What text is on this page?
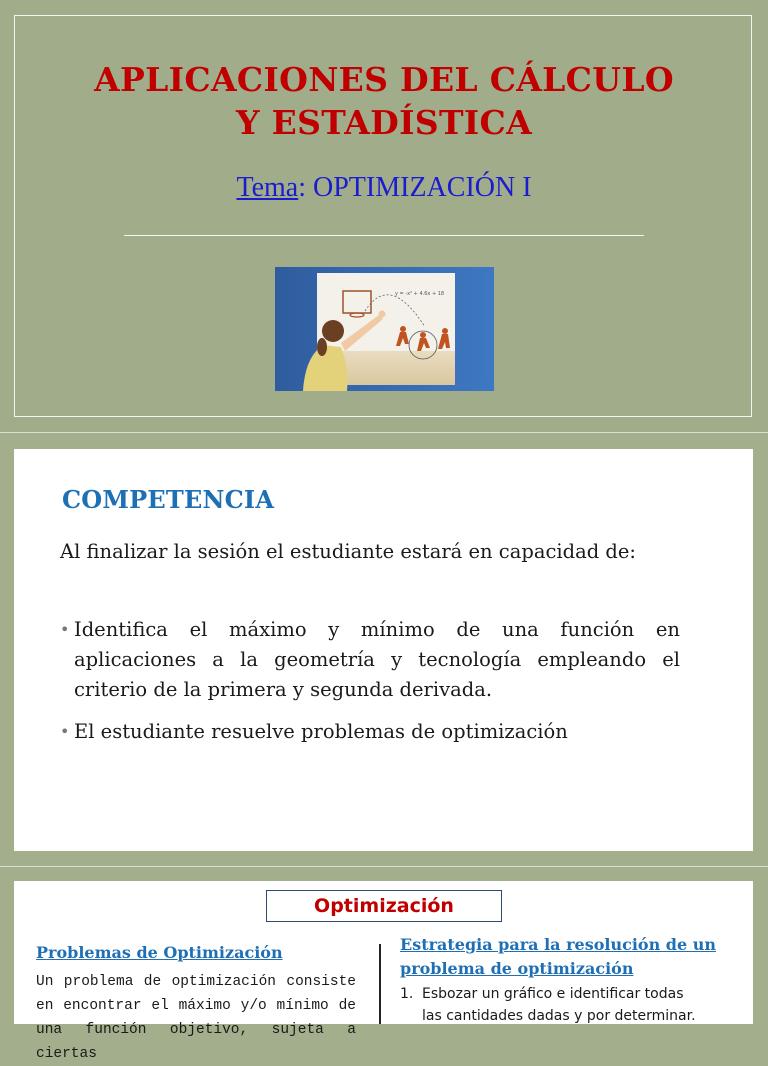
APLICACIONES DEL CÁLCULO
Y ESTADÍSTICA
Tema: OPTIMIZACIÓN I
y = -x² + 4.6x + 18
COMPETENCIA
Al finalizar la sesión el estudiante estará en capacidad de:
• Identifica el máximo y mínimo de una función en aplicaciones a la geometría y tecnología empleando el criterio de la primera y segunda derivada.
• El estudiante resuelve problemas de optimización
Optimización
Problemas de Optimización
Un problema de optimización consiste en encontrar el máximo y/o mínimo de una función objetivo, sujeta a ciertas
Estrategia para la resolución de un problema de optimización
1. Esbozar un gráfico e identificar todas
las cantidades dadas y por determinar.
